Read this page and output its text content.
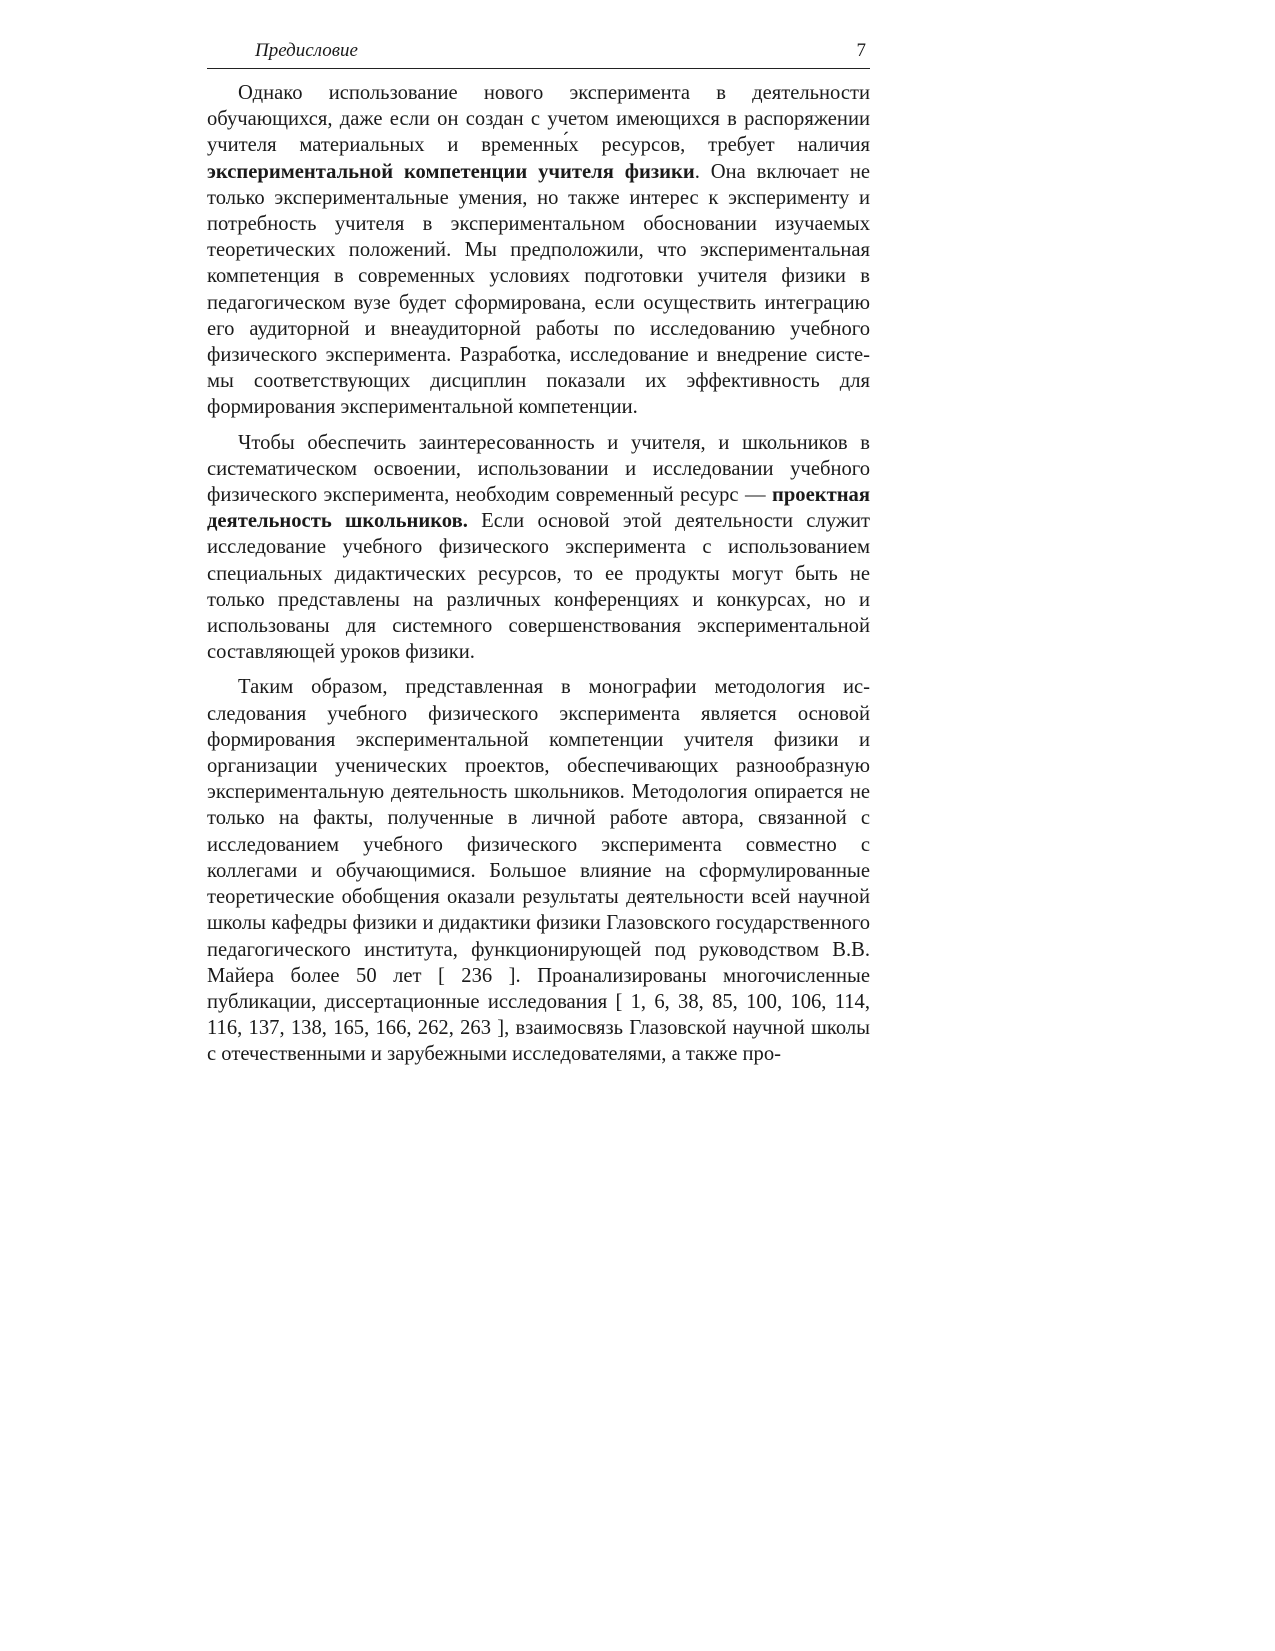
Предисловие	7

Однако использование нового эксперимента в деятельности обучающихся, даже если он создан с учетом имеющихся в распоряжении учителя материальных и временны́х ресурсов, требует наличия экспериментальной компетенции учителя физики. Она включает не только экспериментальные умения, но также интерес к эксперименту и потребность учителя в экспериментальном обосновании изучаемых теоретических положений. Мы предположили, что экспериментальная компетенция в современных условиях подготовки учителя физики в педагогическом вузе будет сформирована, если осуществить интеграцию его аудиторной и внеаудиторной работы по исследованию учебного физического эксперимента. Разработка, исследование и внедрение системы соответствующих дисциплин показали их эффективность для формирования экспериментальной компетенции.

Чтобы обеспечить заинтересованность и учителя, и школьников в систематическом освоении, использовании и исследовании учебного физического эксперимента, необходим современный ресурс — проектная деятельность школьников. Если основой этой деятельности служит исследование учебного физического эксперимента с использованием специальных дидактических ресурсов, то ее продукты могут быть не только представлены на различных конференциях и конкурсах, но и использованы для системного совершенствования экспериментальной составляющей уроков физики.

Таким образом, представленная в монографии методология исследования учебного физического эксперимента является основой формирования экспериментальной компетенции учителя физики и организации ученических проектов, обеспечивающих разнообразную экспериментальную деятельность школьников. Методология опирается не только на факты, полученные в личной работе автора, связанной с исследованием учебного физического эксперимента совместно с коллегами и обучающимися. Большое влияние на сформулированные теоретические обобщения оказали результаты деятельности всей научной школы кафедры физики и дидактики физики Глазовского государственного педагогического института, функционирующей под руководством В.В. Майера более 50 лет [ 236 ]. Проанализированы многочисленные публикации, диссертационные исследования [ 1, 6, 38, 85, 100, 106, 114, 116, 137, 138, 165, 166, 262, 263 ], взаимосвязь Глазовской научной школы с отечественными и зарубежными исследователями, а также про-
